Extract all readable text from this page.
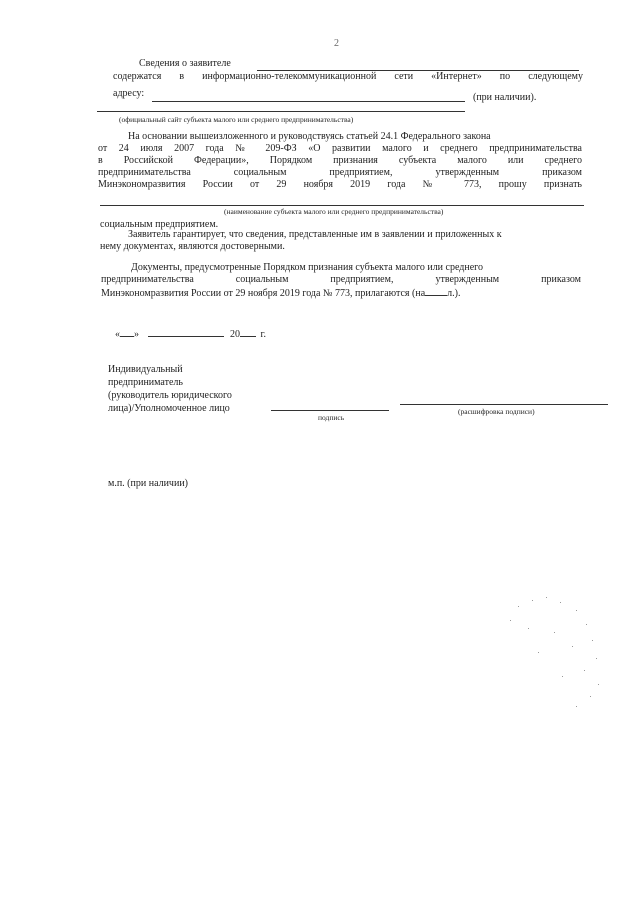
2
Сведения о заявителе
содержатся в информационно-телекоммуникационной сети «Интернет» по следующему
адресу:	(при наличии).
(официальный сайт субъекта малого или среднего предпринимательства)
На основании вышеизложенного и руководствуясь статьей 24.1 Федерального закона
от 24 июля 2007 года № 209-ФЗ «О развитии малого и среднего предпринимательства
в Российской Федерации», Порядком признания субъекта малого или среднего
предпринимательства социальным предприятием, утвержденным приказом
Минэкономразвития России от 29 ноября 2019 года № 773, прошу признать
(наименование субъекта малого или среднего предпринимательства)
социальным предприятием.
Заявитель гарантирует, что сведения, представленные им в заявлении и приложенных к
нему документах, являются достоверными.
Документы, предусмотренные Порядком признания субъекта малого или среднего
предпринимательства социальным предприятием, утвержденным приказом
Минэкономразвития России от 29 ноября 2019 года № 773, прилагаются (на л.).
« »	20 г.
Индивидуальный
предприниматель
(руководитель юридического
лица)/Уполномоченное лицо
подпись
(расшифровка подписи)
м.п. (при наличии)
